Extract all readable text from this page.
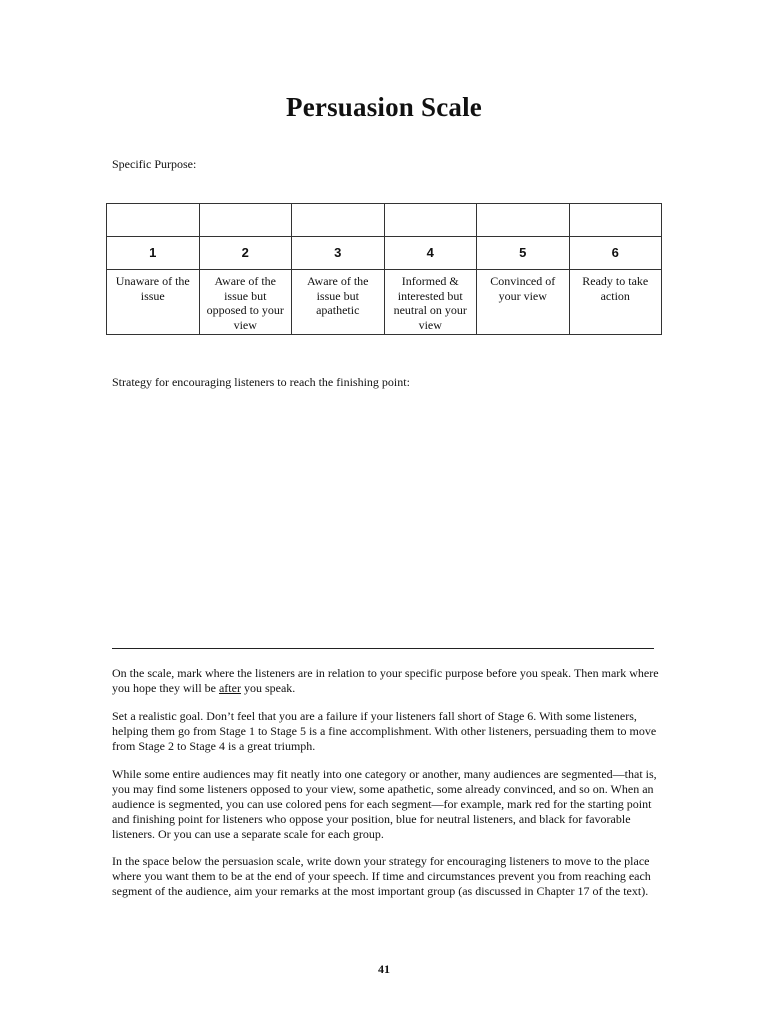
Persuasion Scale
Specific Purpose:

1	2	3	4	5	6
Unaware of the issue	Aware of the issue but opposed to your view	Aware of the issue but apathetic	Informed & interested but neutral on your view	Convinced of your view	Ready to take action
Strategy for encouraging listeners to reach the finishing point:

On the scale, mark where the listeners are in relation to your specific purpose before you speak. Then mark where you hope they will be after you speak.

Set a realistic goal. Don’t feel that you are a failure if your listeners fall short of Stage 6. With some listeners, helping them go from Stage 1 to Stage 5 is a fine accomplishment. With other listeners, persuading them to move from Stage 2 to Stage 4 is a great triumph.

While some entire audiences may fit neatly into one category or another, many audiences are segmented—that is, you may find some listeners opposed to your view, some apathetic, some already convinced, and so on. When an audience is segmented, you can use colored pens for each segment—for example, mark red for the starting point and finishing point for listeners who oppose your position, blue for neutral listeners, and black for favorable listeners. Or you can use a separate scale for each group.

In the space below the persuasion scale, write down your strategy for encouraging listeners to move to the place where you want them to be at the end of your speech. If time and circumstances prevent you from reaching each segment of the audience, aim your remarks at the most important group (as discussed in Chapter 17 of the text).

41
